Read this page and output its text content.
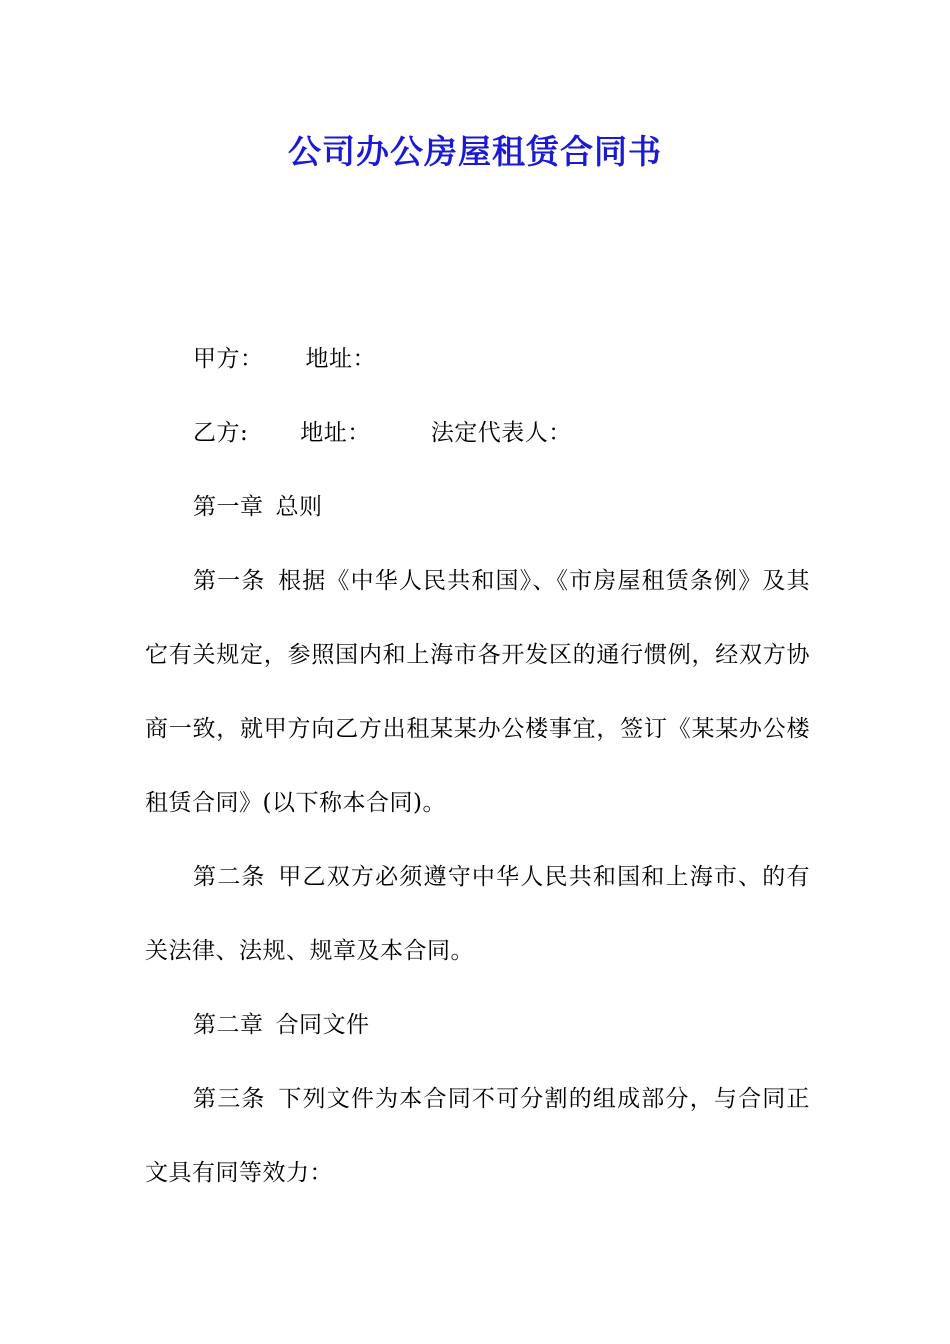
公司办公房屋租赁合同书

甲方： 地址：

乙方: 地址：	法定代表人：

第一章 总则

第一条 根据《中华人民共和国》、《市房屋租赁条例》及其它有关规定，参照国内和上海市各开发区的通行惯例，经双方协商一致，就甲方向乙方出租某某办公楼事宜，签订《某某办公楼租赁合同》(以下称本合同)。

第二条 甲乙双方必须遵守中华人民共和国和上海市、的有关法律、法规、规章及本合同。

第二章 合同文件

第三条 下列文件为本合同不可分割的组成部分，与合同正文具有同等效力：
